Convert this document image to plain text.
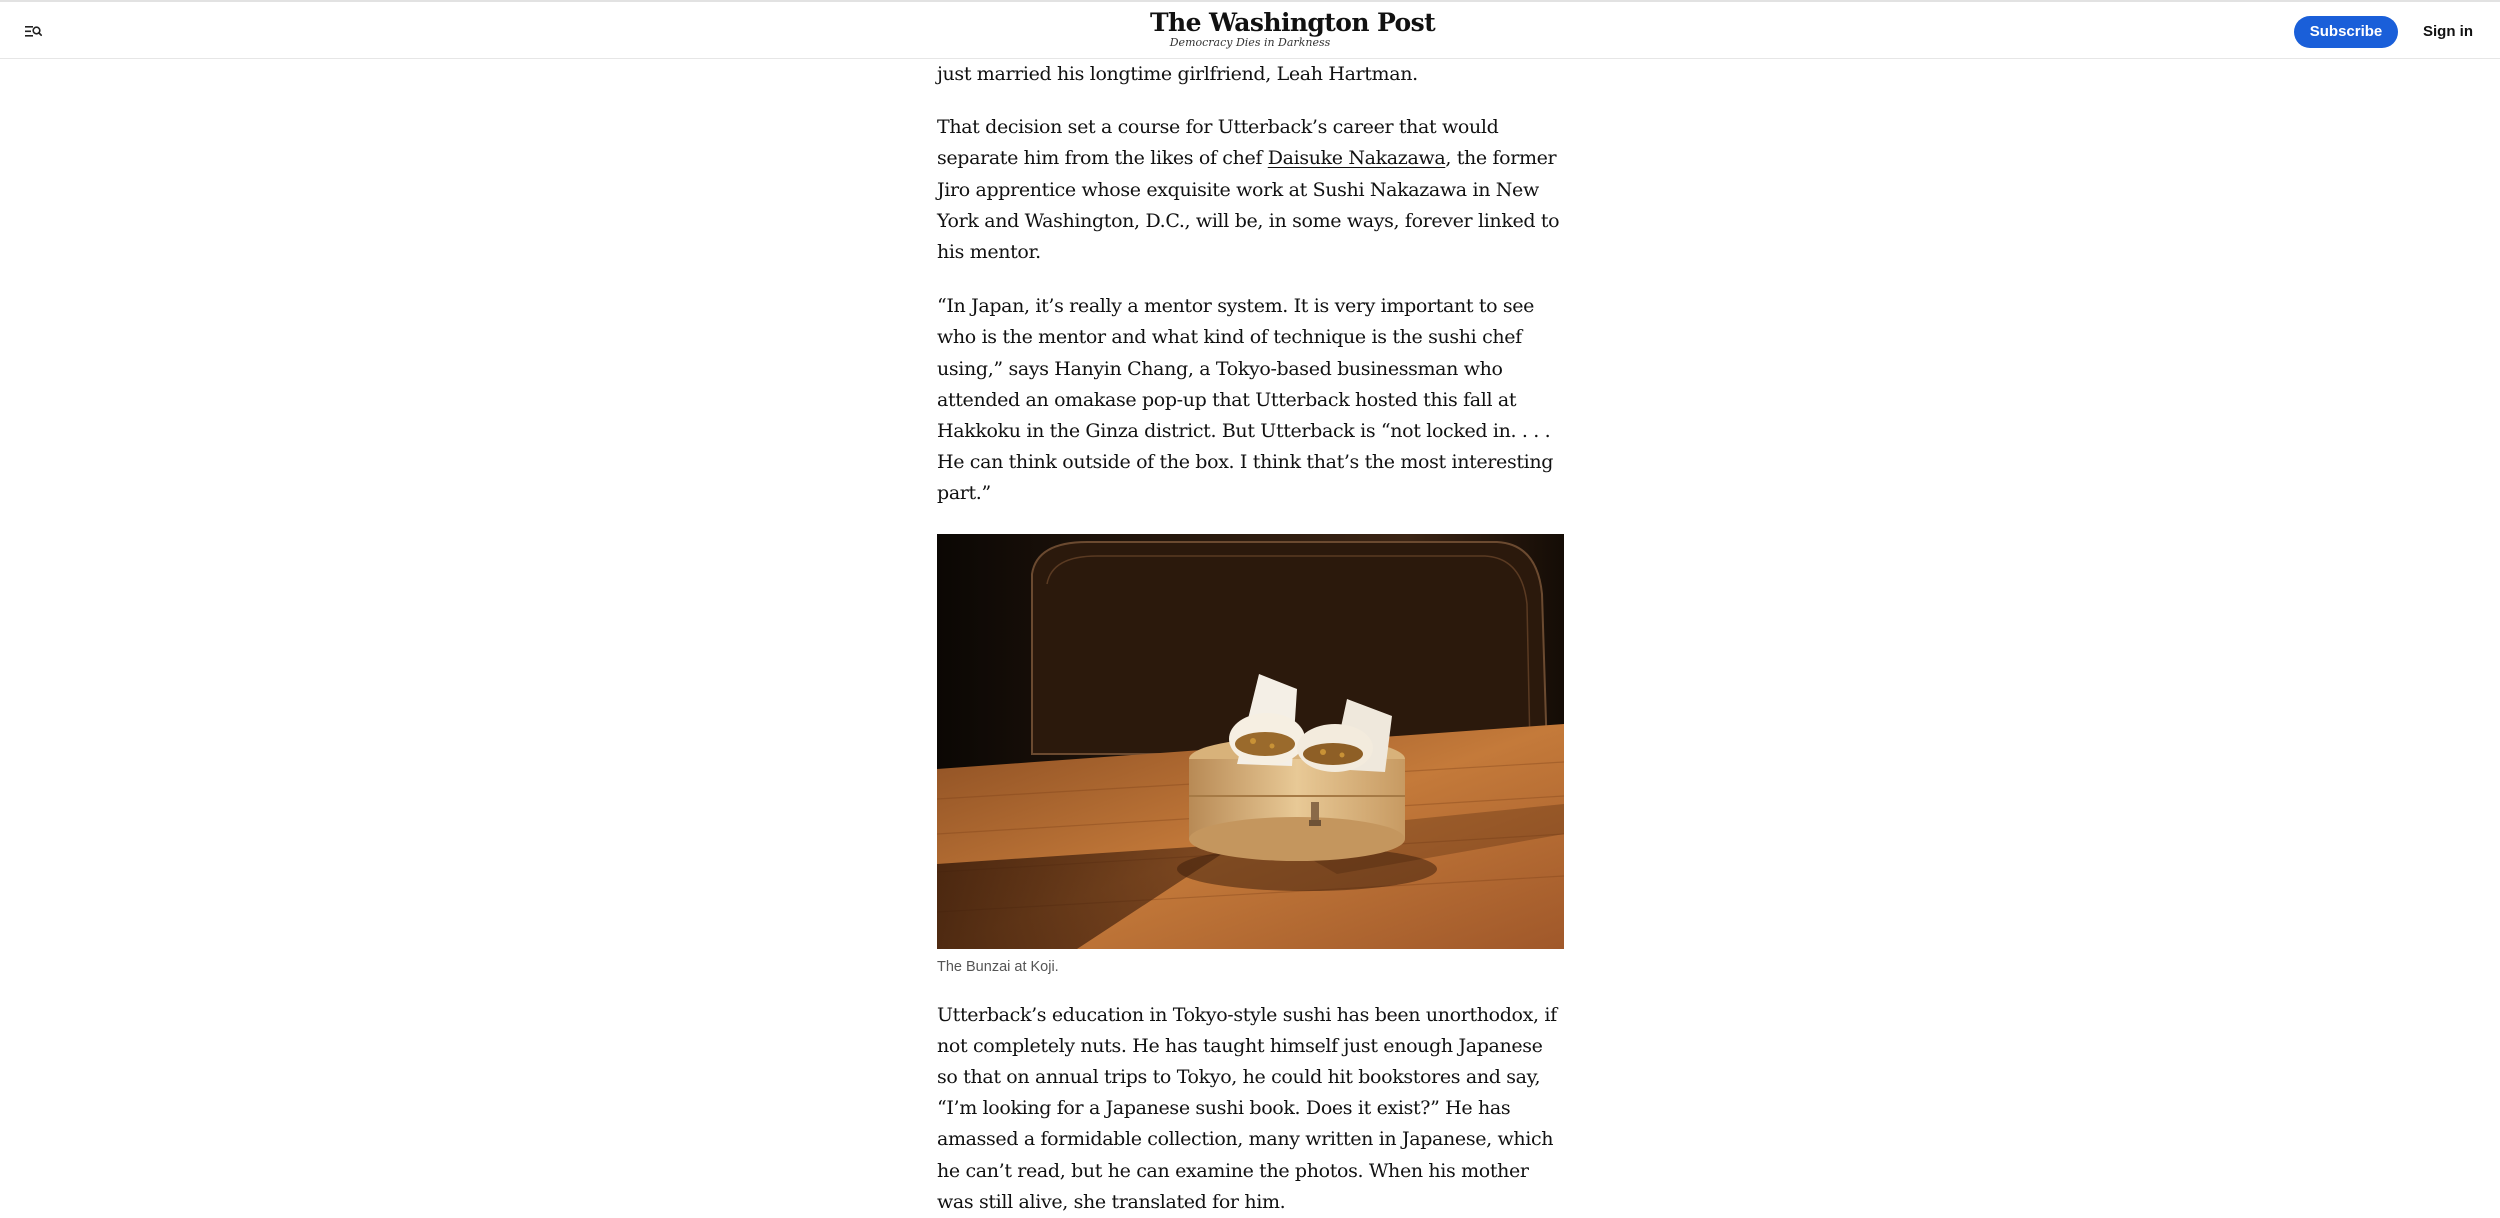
The Washington Post
Democracy Dies in Darkness
Subscribe	Sign in

just married his longtime girlfriend, Leah Hartman.

That decision set a course for Utterback’s career that would separate him from the likes of chef Daisuke Nakazawa, the former Jiro apprentice whose exquisite work at Sushi Nakazawa in New York and Washington, D.C., will be, in some ways, forever linked to his mentor.

“In Japan, it’s really a mentor system. It is very important to see who is the mentor and what kind of technique is the sushi chef using,” says Hanyin Chang, a Tokyo-based businessman who attended an omakase pop-up that Utterback hosted this fall at Hakkoku in the Ginza district. But Utterback is “not locked in. . . . He can think outside of the box. I think that’s the most interesting part.”

The Bunzai at Koji.

Utterback’s education in Tokyo-style sushi has been unorthodox, if not completely nuts. He has taught himself just enough Japanese so that on annual trips to Tokyo, he could hit bookstores and say, “I’m looking for a Japanese sushi book. Does it exist?” He has amassed a formidable collection, many written in Japanese, which he can’t read, but he can examine the photos. When his mother was still alive, she translated for him.
